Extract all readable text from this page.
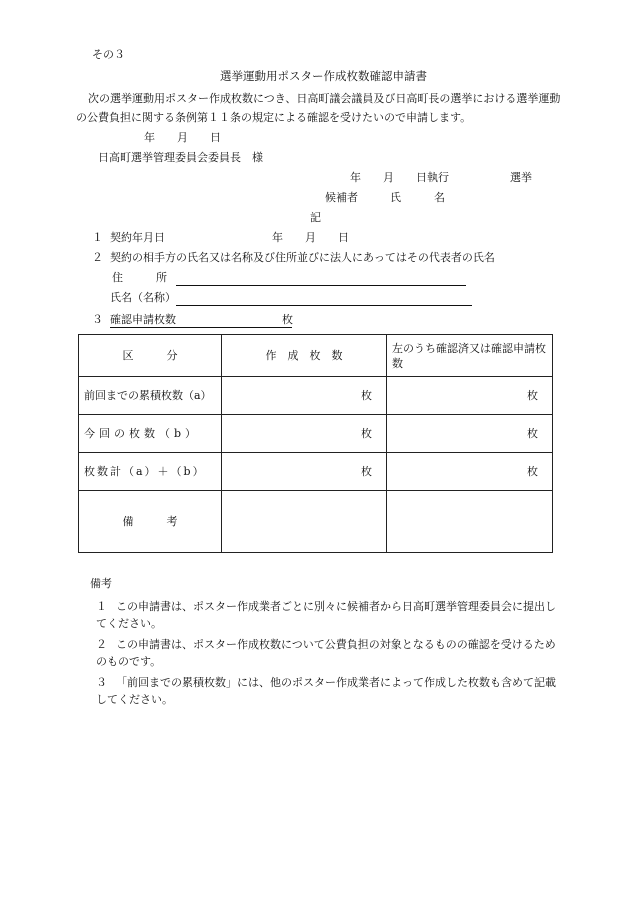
その３
選挙運動用ポスター作成枚数確認申請書
次の選挙運動用ポスター作成枚数につき、日高町議会議員及び日高町長の選挙における選挙運動
の公費負担に関する条例第１１条の規定による確認を受けたいので申請します。
年　　月　　日
日高町選挙管理委員会委員長　様
年　　月　　日執行	選挙
候補者	氏　　　名
記
１ 契約年月日	年　　月　　日
２ 契約の相手方の氏名又は名称及び住所並びに法人にあってはその代表者の氏名
住　　　所
氏名（名称）
３ 確認申請枚数	枚
区　　　分	作　成　枚　数	左のうち確認済又は確認申請枚数
前回までの累積枚数（a）	枚	枚
今回の枚数（b）	枚	枚
枚数計（a）＋（b）	枚	枚
備　　　考		
備考
１ この申請書は、ポスター作成業者ごとに別々に候補者から日高町選挙管理委員会に提出してください。
２ この申請書は、ポスター作成枚数について公費負担の対象となるものの確認を受けるためのものです。
３ 「前回までの累積枚数」には、他のポスター作成業者によって作成した枚数も含めて記載してください。
